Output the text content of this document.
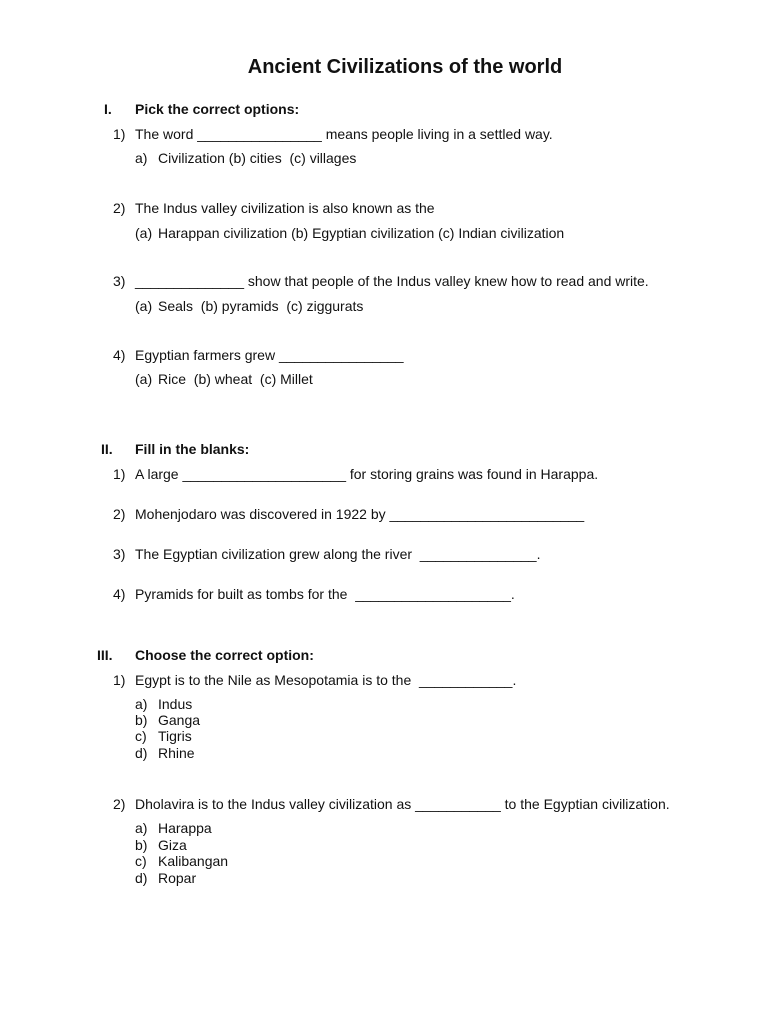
Ancient Civilizations of the world
I. Pick the correct options:
1) The word ________________ means people living in a settled way.
a) Civilization (b) cities  (c) villages
2) The Indus valley civilization is also known as the
(a) Harappan civilization (b) Egyptian civilization (c) Indian civilization
3) ______________ show that people of the Indus valley knew how to read and write.
(a) Seals  (b) pyramids  (c) ziggurats
4) Egyptian farmers grew ________________
(a) Rice  (b) wheat  (c) Millet
II. Fill in the blanks:
1) A large _____________________ for storing grains was found in Harappa.
2) Mohenjodaro was discovered in 1922 by _________________________
3) The Egyptian civilization grew along the river  _______________.
4) Pyramids for built as tombs for the  ____________________.
III. Choose the correct option:
1) Egypt is to the Nile as Mesopotamia is to the  ____________.
a) Indus
b) Ganga
c) Tigris
d) Rhine
2) Dholavira is to the Indus valley civilization as ___________ to the Egyptian civilization.
a) Harappa
b) Giza
c) Kalibangan
d) Ropar
